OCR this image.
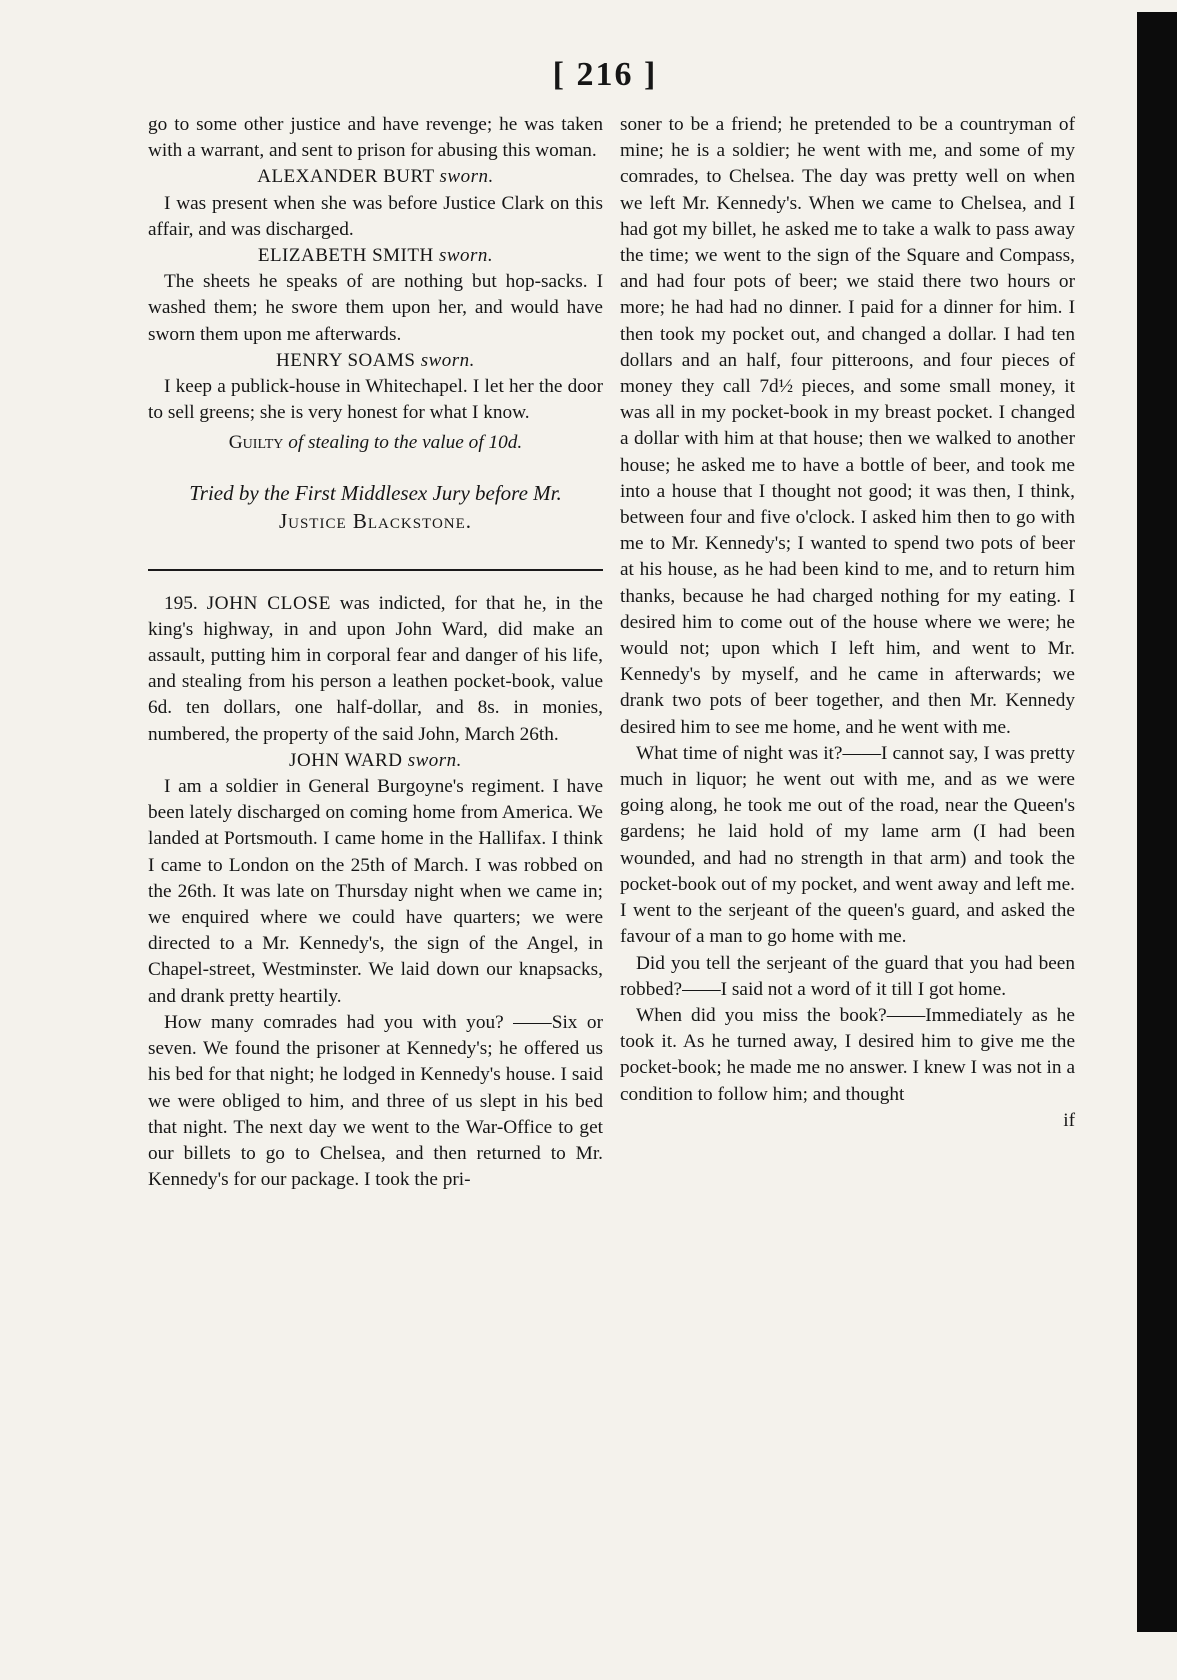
[ 216 ]

go to some other justice and have revenge; he was taken with a warrant, and sent to prison for abusing this woman.

ALEXANDER BURT sworn.

I was present when she was before Justice Clark on this affair, and was discharged.

ELIZABETH SMITH sworn.

The sheets he speaks of are nothing but hop-sacks. I washed them; he swore them upon her, and would have sworn them upon me afterwards.

HENRY SOAMS sworn.

I keep a publick-house in Whitechapel. I let her the door to sell greens; she is very honest for what I know.

Guilty of stealing to the value of 10d.

Tried by the First Middlesex Jury before Mr.
Justice Blackstone.

195. JOHN CLOSE was indicted, for that he, in the king's highway, in and upon John Ward, did make an assault, putting him in corporal fear and danger of his life, and stealing from his person a leathen pocket-book, value 6d. ten dollars, one half-dollar, and 8s. in monies, numbered, the property of the said John, March 26th.

JOHN WARD sworn.

I am a soldier in General Burgoyne's regiment. I have been lately discharged on coming home from America. We landed at Portsmouth. I came home in the Hallifax. I think I came to London on the 25th of March. I was robbed on the 26th. It was late on Thursday night when we came in; we enquired where we could have quarters; we were directed to a Mr. Kennedy's, the sign of the Angel, in Chapel-street, Westminster. We laid down our knapsacks, and drank pretty heartily.

How many comrades had you with you? ——Six or seven. We found the prisoner at Kennedy's; he offered us his bed for that night; he lodged in Kennedy's house. I said we were obliged to him, and three of us slept in his bed that night. The next day we went to the War-Office to get our billets to go to Chelsea, and then returned to Mr. Kennedy's for our package. I took the pri-

soner to be a friend; he pretended to be a countryman of mine; he is a soldier; he went with me, and some of my comrades, to Chelsea. The day was pretty well on when we left Mr. Kennedy's. When we came to Chelsea, and I had got my billet, he asked me to take a walk to pass away the time; we went to the sign of the Square and Compass, and had four pots of beer; we staid there two hours or more; he had had no dinner. I paid for a dinner for him. I then took my pocket out, and changed a dollar. I had ten dollars and an half, four pitteroons, and four pieces of money they call 7d½ pieces, and some small money, it was all in my pocket-book in my breast pocket. I changed a dollar with him at that house; then we walked to another house; he asked me to have a bottle of beer, and took me into a house that I thought not good; it was then, I think, between four and five o'clock. I asked him then to go with me to Mr. Kennedy's; I wanted to spend two pots of beer at his house, as he had been kind to me, and to return him thanks, because he had charged nothing for my eating. I desired him to come out of the house where we were; he would not; upon which I left him, and went to Mr. Kennedy's by myself, and he came in afterwards; we drank two pots of beer together, and then Mr. Kennedy desired him to see me home, and he went with me.

What time of night was it?——I cannot say, I was pretty much in liquor; he went out with me, and as we were going along, he took me out of the road, near the Queen's gardens; he laid hold of my lame arm (I had been wounded, and had no strength in that arm) and took the pocket-book out of my pocket, and went away and left me. I went to the serjeant of the queen's guard, and asked the favour of a man to go home with me.

Did you tell the serjeant of the guard that you had been robbed?——I said not a word of it till I got home.

When did you miss the book?——Immediately as he took it. As he turned away, I desired him to give me the pocket-book; he made me no answer. I knew I was not in a condition to follow him; and thought

if
